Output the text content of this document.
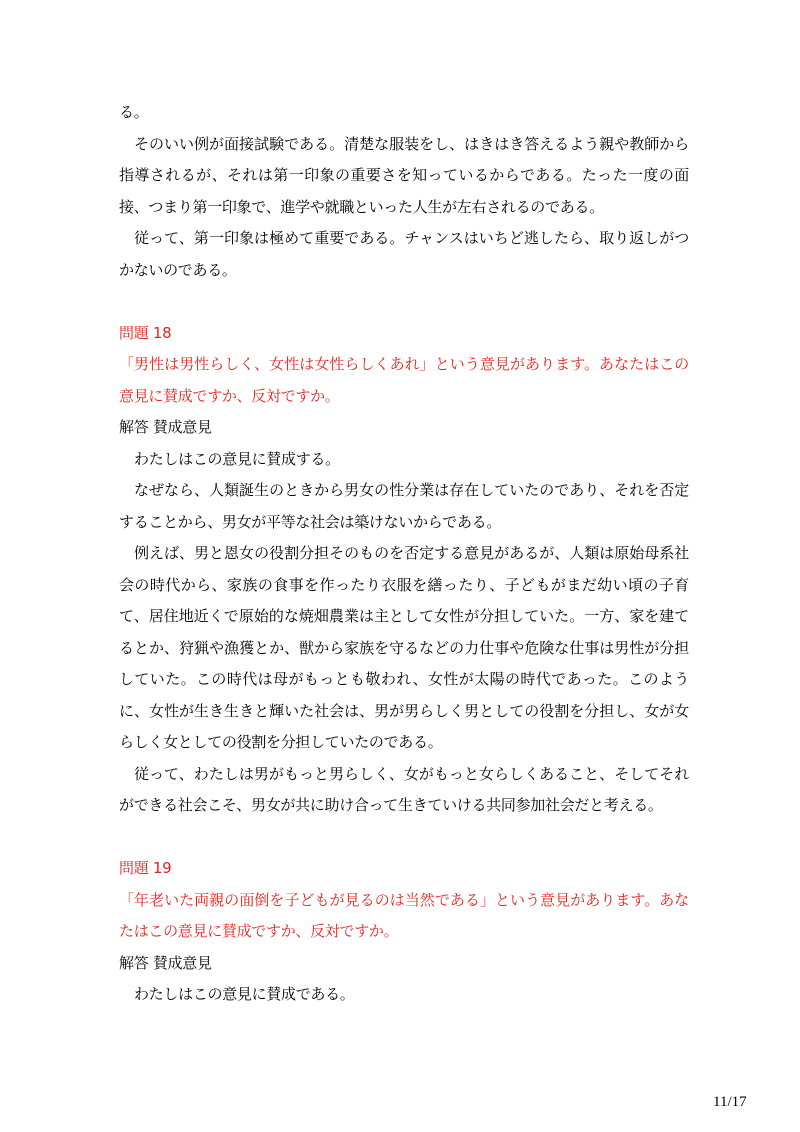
る。

そのいい例が面接試験である。清楚な服装をし、はきはき答えるよう親や教師から指導されるが、それは第一印象の重要さを知っているからである。たった一度の面接、つまり第一印象で、進学や就職といった人生が左右されるのである。

従って、第一印象は極めて重要である。チャンスはいちど逃したら、取り返しがつかないのである。

問題 18

「男性は男性らしく、女性は女性らしくあれ」という意見があります。あなたはこの意見に賛成ですか、反対ですか。

解答 賛成意見

わたしはこの意見に賛成する。

なぜなら、人類誕生のときから男女の性分業は存在していたのであり、それを否定することから、男女が平等な社会は築けないからである。

例えば、男と恩女の役割分担そのものを否定する意見があるが、人類は原始母系社会の時代から、家族の食事を作ったり衣服を繕ったり、子どもがまだ幼い頃の子育て、居住地近くで原始的な焼畑農業は主として女性が分担していた。一方、家を建てるとか、狩猟や漁獲とか、獣から家族を守るなどの力仕事や危険な仕事は男性が分担していた。この時代は母がもっとも敬われ、女性が太陽の時代であった。このように、女性が生き生きと輝いた社会は、男が男らしく男としての役割を分担し、女が女らしく女としての役割を分担していたのである。

従って、わたしは男がもっと男らしく、女がもっと女らしくあること、そしてそれができる社会こそ、男女が共に助け合って生きていける共同参加社会だと考える。

問題 19

「年老いた両親の面倒を子どもが見るのは当然である」という意見があります。あなたはこの意見に賛成ですか、反対ですか。

解答 賛成意見

わたしはこの意見に賛成である。

11/17
